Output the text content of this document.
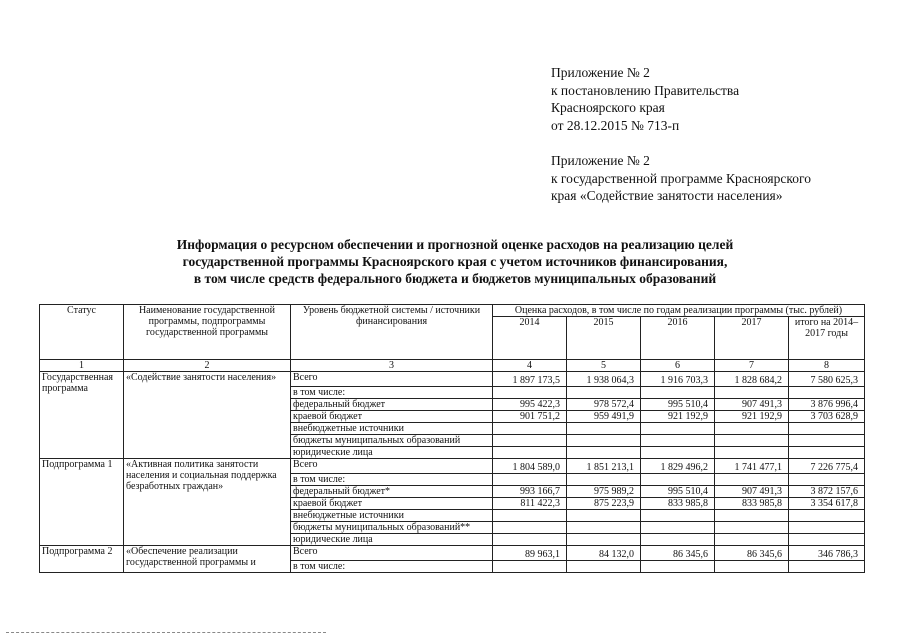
Приложение № 2
к постановлению Правительства
Красноярского края
от 28.12.2015 № 713-п
Приложение № 2
к государственной программе Красноярского
края «Содействие занятости населения»
Информация о ресурсном обеспечении и прогнозной оценке расходов на реализацию целей
государственной программы Красноярского края с учетом источников финансирования,
в том числе средств федерального бюджета и бюджетов муниципальных образований
Статус	Наименование государственной программы, подпрограммы государственной программы	Уровень бюджетной системы / источники финансирования	Оценка расходов, в том числе по годам реализации программы (тыс. рублей)				
			2014	2015	2016	2017	итого на 2014–2017 годы
1	2	3	4	5	6	7	8
Государственная программа	«Содействие занятости населения»	Всего	1 897 173,5	1 938 064,3	1 916 703,3	1 828 684,2	7 580 625,3
		в том числе:					
		федеральный бюджет	995 422,3	978 572,4	995 510,4	907 491,3	3 876 996,4
		краевой бюджет	901 751,2	959 491,9	921 192,9	921 192,9	3 703 628,9
		внебюджетные источники					
		бюджеты муниципальных образований					
		юридические лица					
Подпрограмма 1	«Активная политика занятости населения и социальная поддержка безработных граждан»	Всего	1 804 589,0	1 851 213,1	1 829 496,2	1 741 477,1	7 226 775,4
		в том числе:					
		федеральный бюджет*	993 166,7	975 989,2	995 510,4	907 491,3	3 872 157,6
		краевой бюджет	811 422,3	875 223,9	833 985,8	833 985,8	3 354 617,8
		внебюджетные источники					
		бюджеты муниципальных образований**					
		юридические лица					
Подпрограмма 2	«Обеспечение реализации государственной программы и	Всего	89 963,1	84 132,0	86 345,6	86 345,6	346 786,3
		в том числе:					
